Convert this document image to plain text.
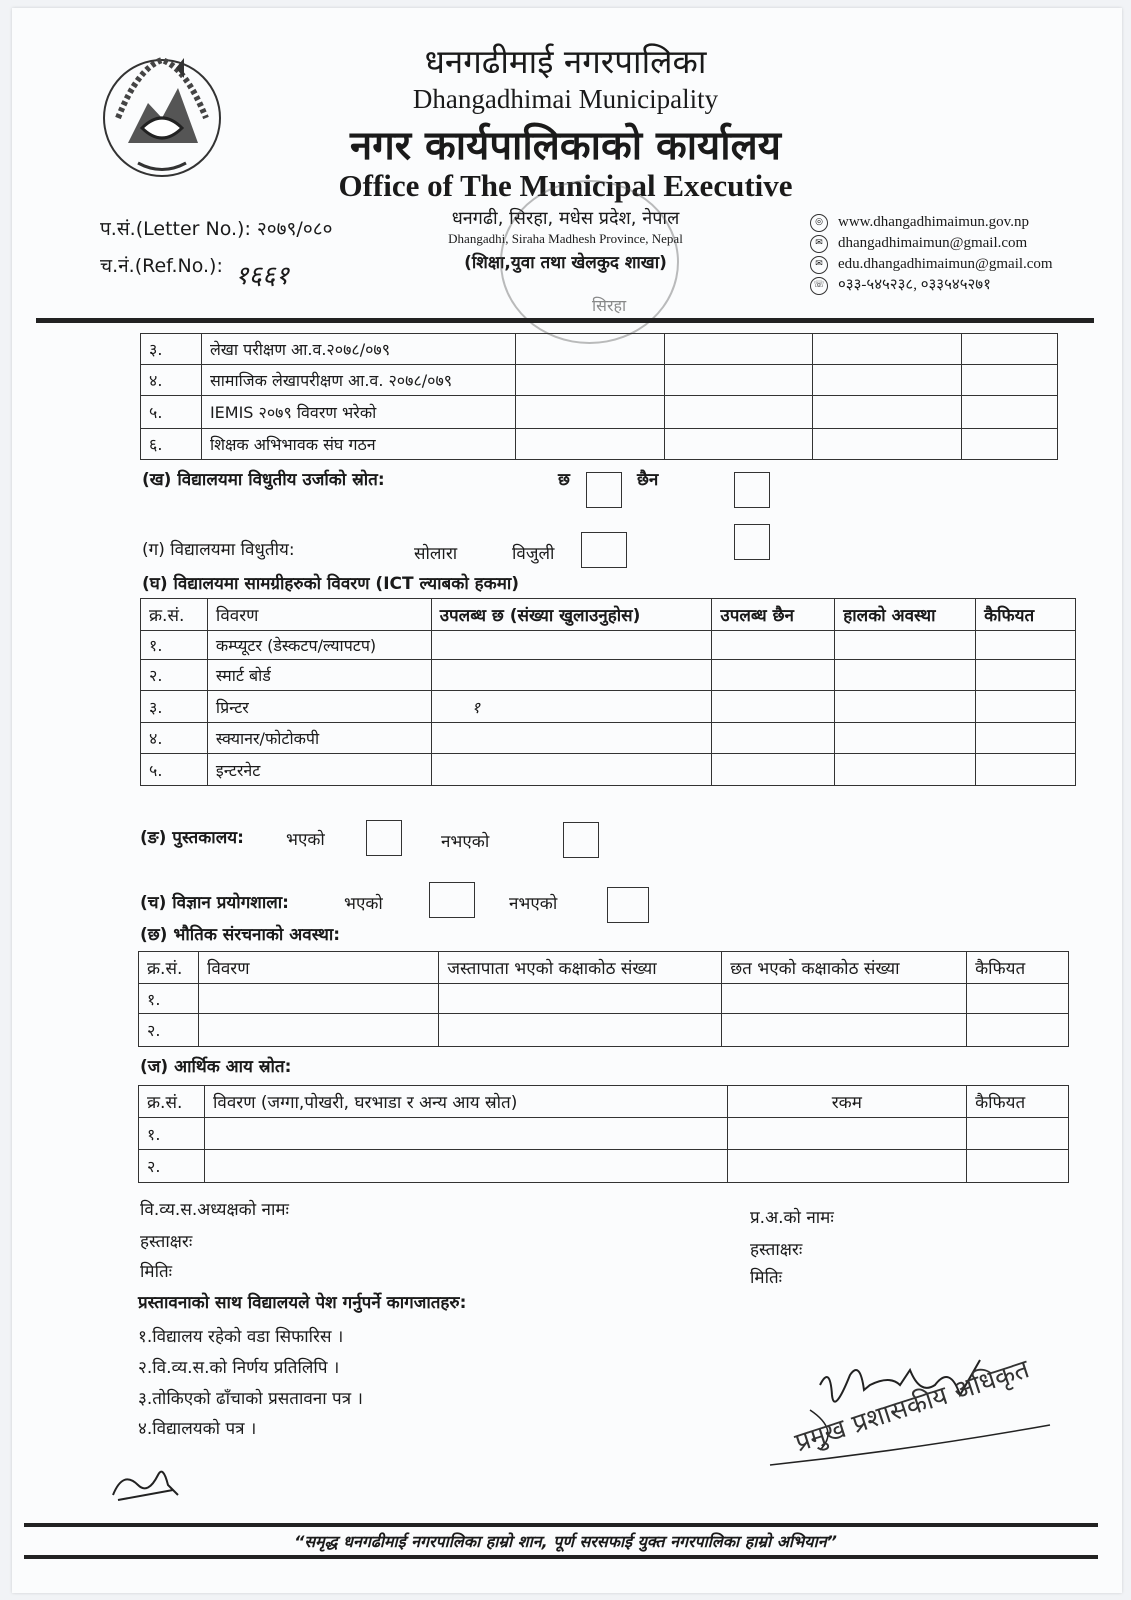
धनगढीमाई नगरपालिका
Dhangadhimai Municipality
नगर कार्यपालिकाको कार्यालय
Office of The Municipal Executive
धनगढी, सिरहा, मधेस प्रदेश, नेपाल
Dhangadhi, Siraha Madhesh Province, Nepal
(शिक्षा,युवा तथा खेलकुद शाखा)
सिरहा
प.सं.(Letter No.): २०७९/०८०
च.नं.(Ref.No.): १६६१
◎	www.dhangadhimaimun.gov.np
✉	dhangadhimaimun@gmail.com
✉	edu.dhangadhimaimun@gmail.com
☏ ०३३-५४५२३८, ०३३५४५२७१
३.	लेखा परीक्षण आ.व.२०७८/०७९				
४.	सामाजिक लेखापरीक्षण आ.व. २०७८/०७९				
५.	IEMIS २०७९ विवरण भरेको				
६.	शिक्षक अभिभावक संघ गठन				
(ख) विद्यालयमा विधुतीय उर्जाको स्रोत:	छ	छैन
(ग) विद्यालयमा विधुतीय:	सोलारा	विजुली
(घ) विद्यालयमा सामग्रीहरुको विवरण (ICT ल्याबको हकमा)
क्र.सं.	विवरण	उपलब्ध छ (संख्या खुलाउनुहोस)	उपलब्ध छैन	हालको अवस्था	कैफियत
१.	कम्प्यूटर (डेस्कटप/ल्यापटप)				
२.	स्मार्ट बोर्ड				
३.	प्रिन्टर	१			
४.	स्क्यानर/फोटोकपी				
५.	इन्टरनेट				
(ङ) पुस्तकालय: भएको	नभएको
(च) विज्ञान प्रयोगशाला:	भएको	नभएको
(छ) भौतिक संरचनाको अवस्था:
क्र.सं.	विवरण	जस्तापाता भएको कक्षाकोठ संख्या	छत भएको कक्षाकोठ संख्या	कैफियत
१.				
२.				
(ज) आर्थिक आय स्रोत:
क्र.सं.	विवरण (जग्गा,पोखरी, घरभाडा र अन्य आय स्रोत)	रकम	कैफियत
१.			
२.			
वि.व्य.स.अध्यक्षको नामः
हस्ताक्षरः
मितिः
प्र.अ.को नामः
हस्ताक्षरः
मितिः
प्रस्तावनाको साथ विद्यालयले पेश गर्नुपर्ने कागजातहरु:
१.विद्यालय रहेको वडा सिफारिस ।
२.वि.व्य.स.को निर्णय प्रतिलिपि ।
३.तोकिएको ढाँचाको प्रसतावना पत्र ।
४.विद्यालयको पत्र ।	प्रमुख प्रशासकीय अधिकृत
“समृद्ध धनगढीमाई नगरपालिका हाम्रो शान, पूर्ण सरसफाई युक्त नगरपालिका हाम्रो अभियान”
